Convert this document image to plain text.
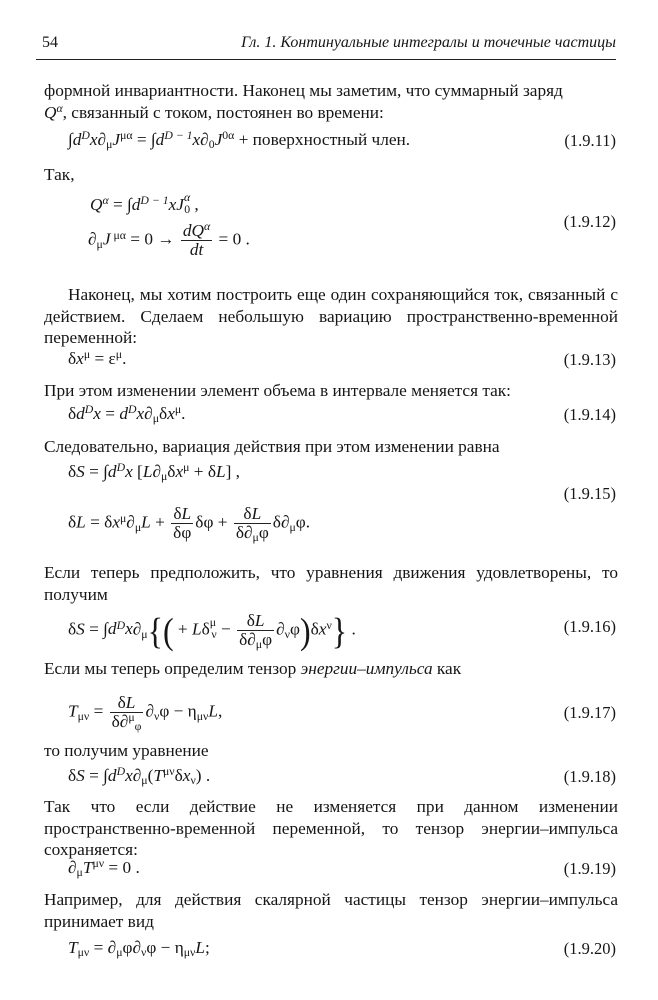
54	Гл. 1. Континуальные интегралы и точечные частицы
формной инвариантности. Наконец мы заметим, что суммарный заряд
$Q^\alpha$, связанный с током, постоянен во времени:
$\int d^Dx\partial_\mu J^{\mu\alpha} = \int d^{D - 1}x\partial_0J^{0\alpha}$ + поверхностный член.	(1.9.11)
Так,
$Q^\alpha = \int d^{D - 1}xJ^\alpha_0$ ,
$\partial_\mu J$ $^{\mu\alpha} = 0 \to \frac{dQ^\alpha}{dt} = 0$ .
(1.9.12)
Наконец, мы хотим построить еще один сохраняющийся ток, связанный с действием. Сделаем небольшую вариацию пространственно-временной переменной:
$\delta x^\mu = \varepsilon^\mu$.	(1.9.13)
При этом изменении элемент объема в интервале меняется так:
$\delta d^Dx = d^Dx\partial_\mu\delta x^\mu$.	(1.9.14)
Следовательно, вариация действия при этом изменении равна
$\delta S = \int d^Dx$ $[L\partial_\mu\delta x^\mu + \delta L]$ ,
$\delta L = \delta x^\mu\partial_\mu L + \frac{\delta L}{\delta\varphi}$ $\delta\varphi + \frac{\delta L}{\delta\partial_\mu\varphi} \delta\partial_\mu\varphi$.
(1.9.15)
Если теперь предположить, что уравнения движения удовлетворены, то получим
$\delta S = \int d^Dx\partial_\mu\{( + L\delta^\mu_\nu - \frac{\delta L}{\delta\partial_\mu\varphi} \partial_\nu\varphi)\delta x^\nu\}$ .	(1.9.16)
Если мы теперь определим тензор энергии–импульса как
$T_{\mu\nu} = \frac{\delta L}{\delta\partial^\mu_\varphi} \partial_\nu\varphi - \eta_{\mu\nu}L$,	(1.9.17)
то получим уравнение
$\delta S = \int d^Dx\partial_\mu(T^{\mu\nu}\delta x_\nu)$ .	(1.9.18)
Так что если действие не изменяется при данном изменении пространственно-временной переменной, то тензор энергии–импульса сохраняется:
$\partial_\mu T^{\mu\nu} = 0$ .	(1.9.19)
Например, для действия скалярной частицы тензор энергии–импульса принимает вид
$T_{\mu\nu} = \partial_\mu\varphi\partial_\nu\varphi - \eta_{\mu\nu}L$;	(1.9.20)
